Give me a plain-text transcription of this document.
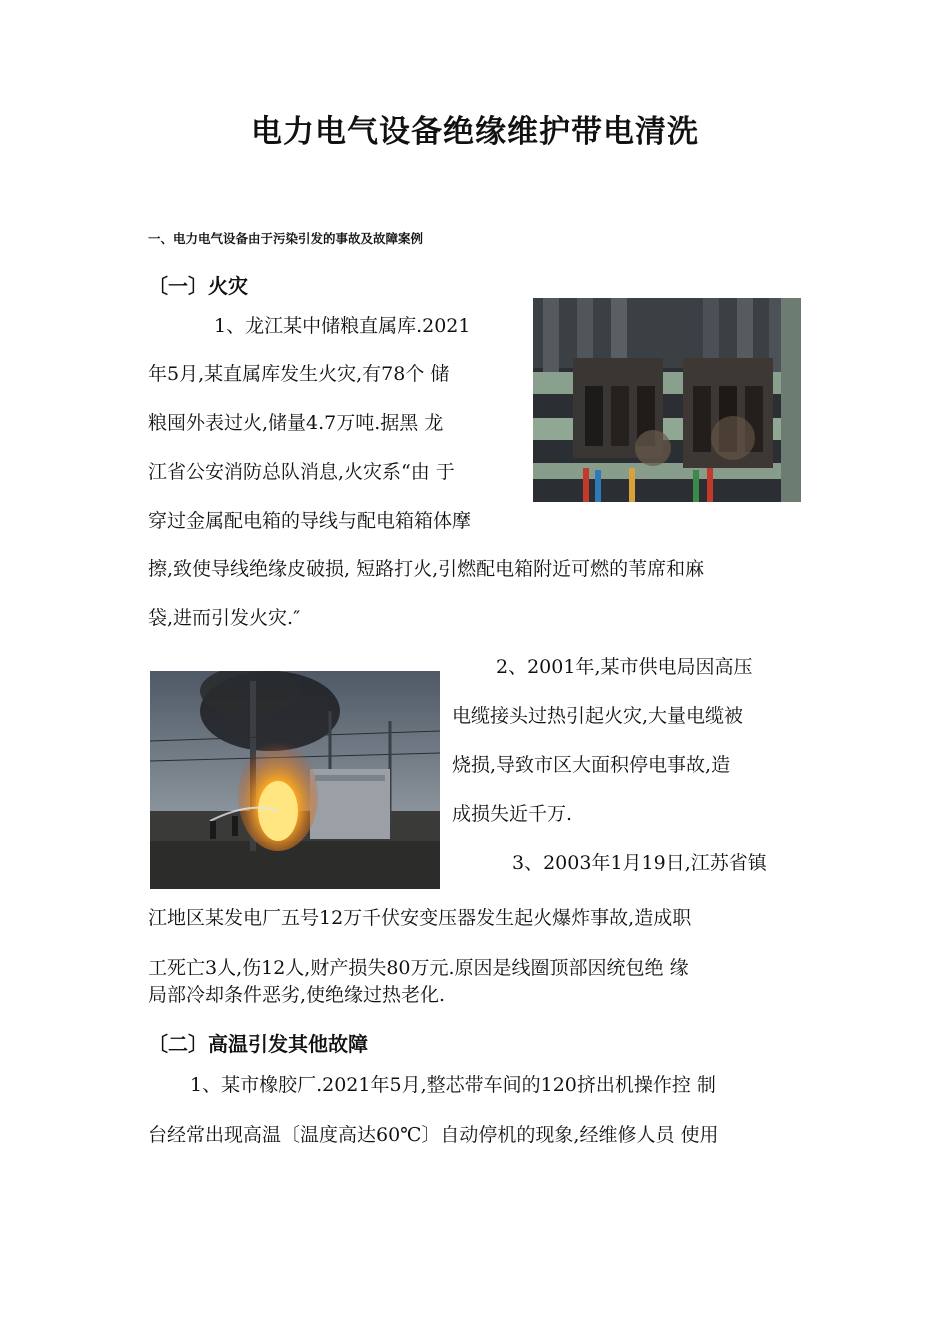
电力电气设备绝缘维护带电清洗
一、电力电气设备由于污染引发的事故及故障案例
〔一〕火灾
1、龙江某中储粮直属库.2021
年5月,某直属库发生火灾,有78个 储
粮囤外表过火,储量4.7万吨.据黑 龙
江省公安消防总队消息,火灾系“由 于
穿过金属配电箱的导线与配电箱箱体摩
擦,致使导线绝缘皮破损, 短路打火,引燃配电箱附近可燃的苇席和麻
袋,进而引发火灾.″
2、2001年,某市供电局因高压
电缆接头过热引起火灾,大量电缆被
烧损,导致市区大面积停电事故,造
成损失近千万.
3、2003年1月19日,江苏省镇
江地区某发电厂五号12万千伏安变压器发生起火爆炸事故,造成职
工死亡3人,伤12人,财产损失80万元.原因是线圈顶部因统包绝 缘
局部冷却条件恶劣,使绝缘过热老化.
〔二〕高温引发其他故障
1、某市橡胶厂.2021年5月,整芯带车间的120挤出机操作控 制
台经常出现高温〔温度高达60℃〕自动停机的现象,经维修人员 使用
